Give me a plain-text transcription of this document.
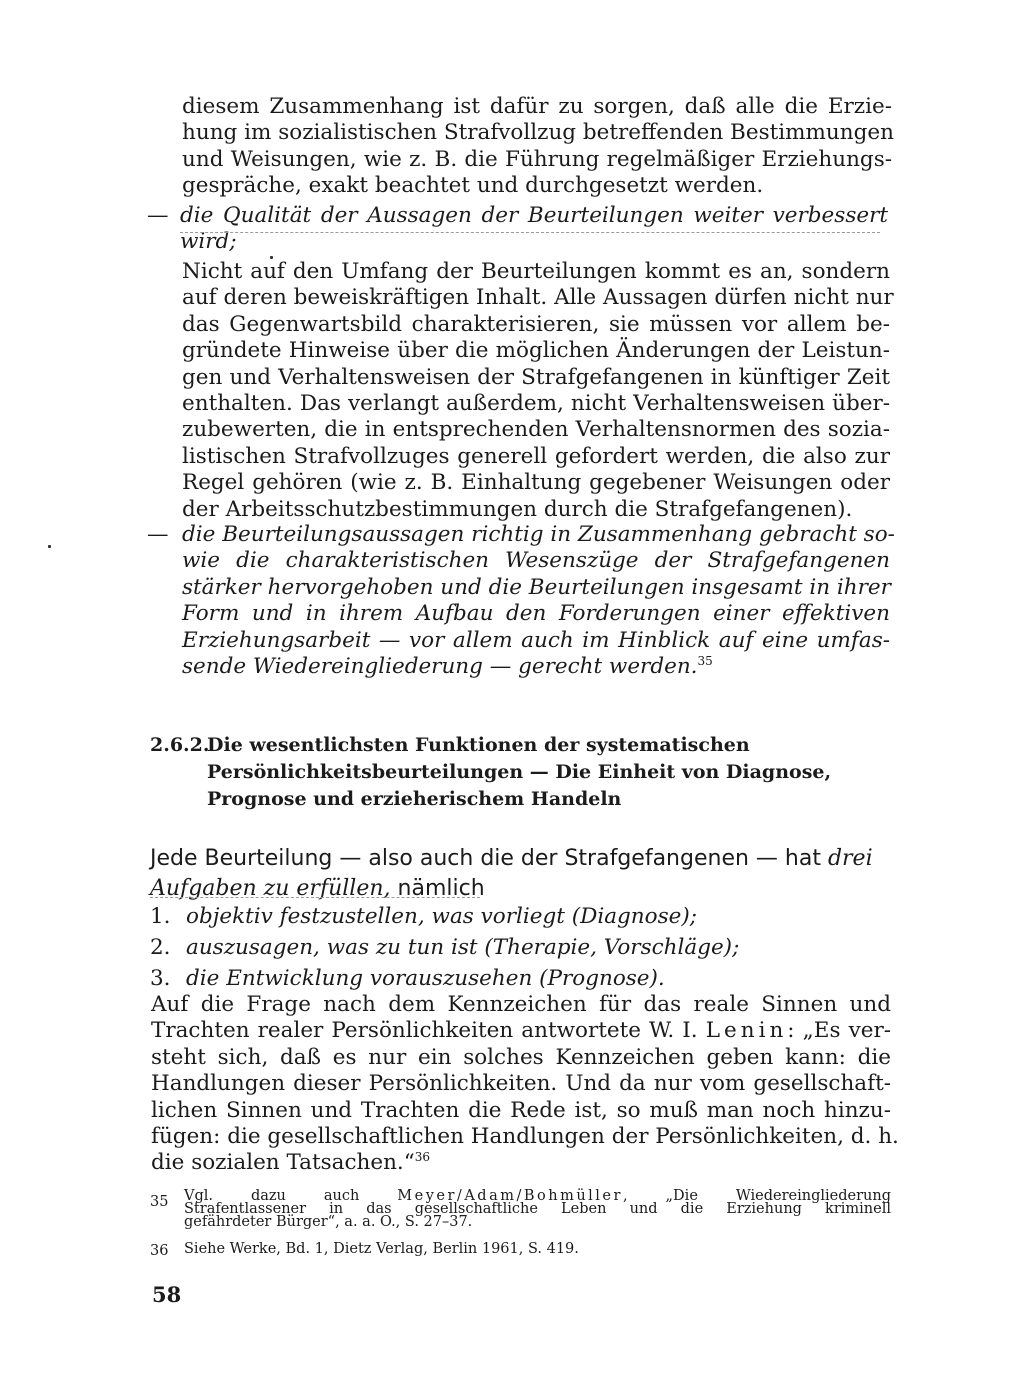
diesem Zusammenhang ist dafür zu sorgen, daß alle die Erzie-
hung im sozialistischen Strafvollzug betreffenden Bestimmungen
und Weisungen, wie z. B. die Führung regelmäßiger Erziehungs-
gespräche, exakt beachtet und durchgesetzt werden.
— die Qualität der Aussagen der Beurteilungen weiter verbessert
wird;
Nicht auf den Umfang der Beurteilungen kommt es an, sondern
auf deren beweiskräftigen Inhalt. Alle Aussagen dürfen nicht nur
das Gegenwartsbild charakterisieren, sie müssen vor allem be-
gründete Hinweise über die möglichen Änderungen der Leistun-
gen und Verhaltensweisen der Strafgefangenen in künftiger Zeit
enthalten. Das verlangt außerdem, nicht Verhaltensweisen über-
zubewerten, die in entsprechenden Verhaltensnormen des sozia-
listischen Strafvollzuges generell gefordert werden, die also zur
Regel gehören (wie z. B. Einhaltung gegebener Weisungen oder
der Arbeitsschutzbestimmungen durch die Strafgefangenen).
— die Beurteilungsaussagen richtig in Zusammenhang gebracht so-
wie die charakteristischen Wesenszüge der Strafgefangenen
stärker hervorgehoben und die Beurteilungen insgesamt in ihrer
Form und in ihrem Aufbau den Forderungen einer effektiven
Erziehungsarbeit — vor allem auch im Hinblick auf eine umfas-
sende Wiedereingliederung — gerecht werden.$^{35}$
2.6.2.
Die wesentlichsten Funktionen der systematischen
Persönlichkeitsbeurteilungen — Die Einheit von Diagnose,
Prognose und erzieherischem Handeln
Jede Beurteilung — also auch die der Strafgefangenen — hat drei
Aufgaben zu erfüllen, nämlich
1. objektiv festzustellen, was vorliegt (Diagnose);
2. auszusagen, was zu tun ist (Therapie, Vorschläge);
3. die Entwicklung vorauszusehen (Prognose).
Auf die Frage nach dem Kennzeichen für das reale Sinnen und
Trachten realer Persönlichkeiten antwortete W. I. Lenin: „Es ver-
steht sich, daß es nur ein solches Kennzeichen geben kann: die
Handlungen dieser Persönlichkeiten. Und da nur vom gesellschaft-
lichen Sinnen und Trachten die Rede ist, so muß man noch hinzu-
fügen: die gesellschaftlichen Handlungen der Persönlichkeiten, d. h.
die sozialen Tatsachen.“$^{36}$
35 Vgl. dazu auch Meyer/Adam/Bohmüller, „Die Wiedereingliederung
Strafentlassener in das gesellschaftliche Leben und die Erziehung kriminell
gefährdeter Bürger“, a. a. O., S. 27–37.
36 Siehe Werke, Bd. 1, Dietz Verlag, Berlin 1961, S. 419.
58
